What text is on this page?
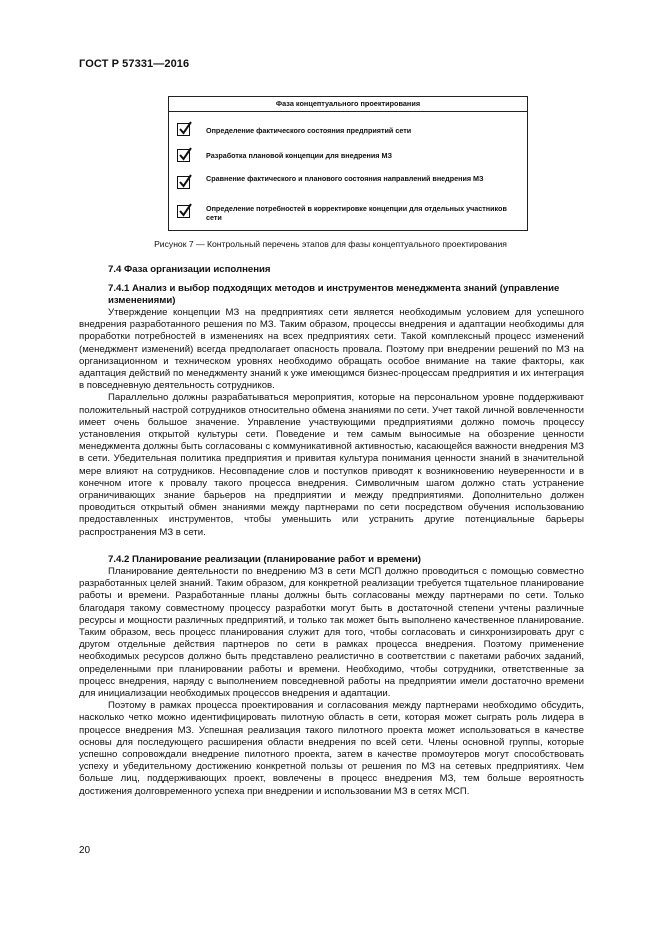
ГОСТ Р 57331—2016
Фаза концептуального проектирования
Определение фактического состояния предприятий сети
Разработка плановой концепции для внедрения МЗ
Сравнение фактического и планового состояния направлений внедрения МЗ
Определение потребностей в корректировке концепции для отдельных участников сети
Рисунок 7 — Контрольный перечень этапов для фазы концептуального проектирования
7.4 Фаза организации исполнения
7.4.1 Анализ и выбор подходящих методов и инструментов менеджмента знаний (управление изменениями)

Утверждение концепции МЗ на предприятиях сети является необходимым условием для успешного внедрения разработанного решения по МЗ. Таким образом, процессы внедрения и адаптации необходимы для проработки потребностей в изменениях на всех предприятиях сети. Такой комплексный процесс изменений (менеджмент изменений) всегда предполагает опасность провала. Поэтому при внедрении решений по МЗ на организационном и техническом уровнях необходимо обращать особое внимание на такие факторы, как адаптация действий по менеджменту знаний к уже имеющимся бизнес-процессам предприятия и их интеграция в повседневную деятельность сотрудников.

Параллельно должны разрабатываться мероприятия, которые на персональном уровне поддерживают положительный настрой сотрудников относительно обмена знаниями по сети. Учет такой личной вовлеченности имеет очень большое значение. Управление участвующими предприятиями должно помочь процессу установления открытой культуры сети. Поведение и тем самым выносимые на обозрение ценности менеджмента должны быть согласованы с коммуникативной активностью, касающейся важности внедрения МЗ в сети. Убедительная политика предприятия и привитая культура понимания ценности знаний в значительной мере влияют на сотрудников. Несовпадение слов и поступков приводят к возникновению неуверенности и в конечном итоге к провалу такого процесса внедрения. Символичным шагом должно стать устранение ограничивающих знание барьеров на предприятии и между предприятиями. Дополнительно должен проводиться открытый обмен знаниями между партнерами по сети посредством обучения использованию предоставленных инструментов, чтобы уменьшить или устранить другие потенциальные барьеры распространения МЗ в сети.

7.4.2 Планирование реализации (планирование работ и времени)

Планирование деятельности по внедрению МЗ в сети МСП должно проводиться с помощью совместно разработанных целей знаний. Таким образом, для конкретной реализации требуется тщательное планирование работы и времени. Разработанные планы должны быть согласованы между партнерами по сети. Только благодаря такому совместному процессу разработки могут быть в достаточной степени учтены различные ресурсы и мощности различных предприятий, и только так может быть выполнено качественное планирование. Таким образом, весь процесс планирования служит для того, чтобы согласовать и синхронизировать друг с другом отдельные действия партнеров по сети в рамках процесса внедрения. Поэтому применение необходимых ресурсов должно быть представлено реалистично в соответствии с пакетами рабочих заданий, определенными при планировании работы и времени. Необходимо, чтобы сотрудники, ответственные за процесс внедрения, наряду с выполнением повседневной работы на предприятии имели достаточно времени для инициализации необходимых процессов внедрения и адаптации.

Поэтому в рамках процесса проектирования и согласования между партнерами необходимо обсудить, насколько четко можно идентифицировать пилотную область в сети, которая может сыграть роль лидера в процессе внедрения МЗ. Успешная реализация такого пилотного проекта может использоваться в качестве основы для последующего расширения области внедрения по всей сети. Члены основной группы, которые успешно сопровождали внедрение пилотного проекта, затем в качестве промоутеров могут способствовать успеху и убедительному достижению конкретной пользы от решения по МЗ на сетевых предприятиях. Чем больше лиц, поддерживающих проект, вовлечены в процесс внедрения МЗ, тем больше вероятность достижения долговременного успеха при внедрении и использовании МЗ в сетях МСП.

20
